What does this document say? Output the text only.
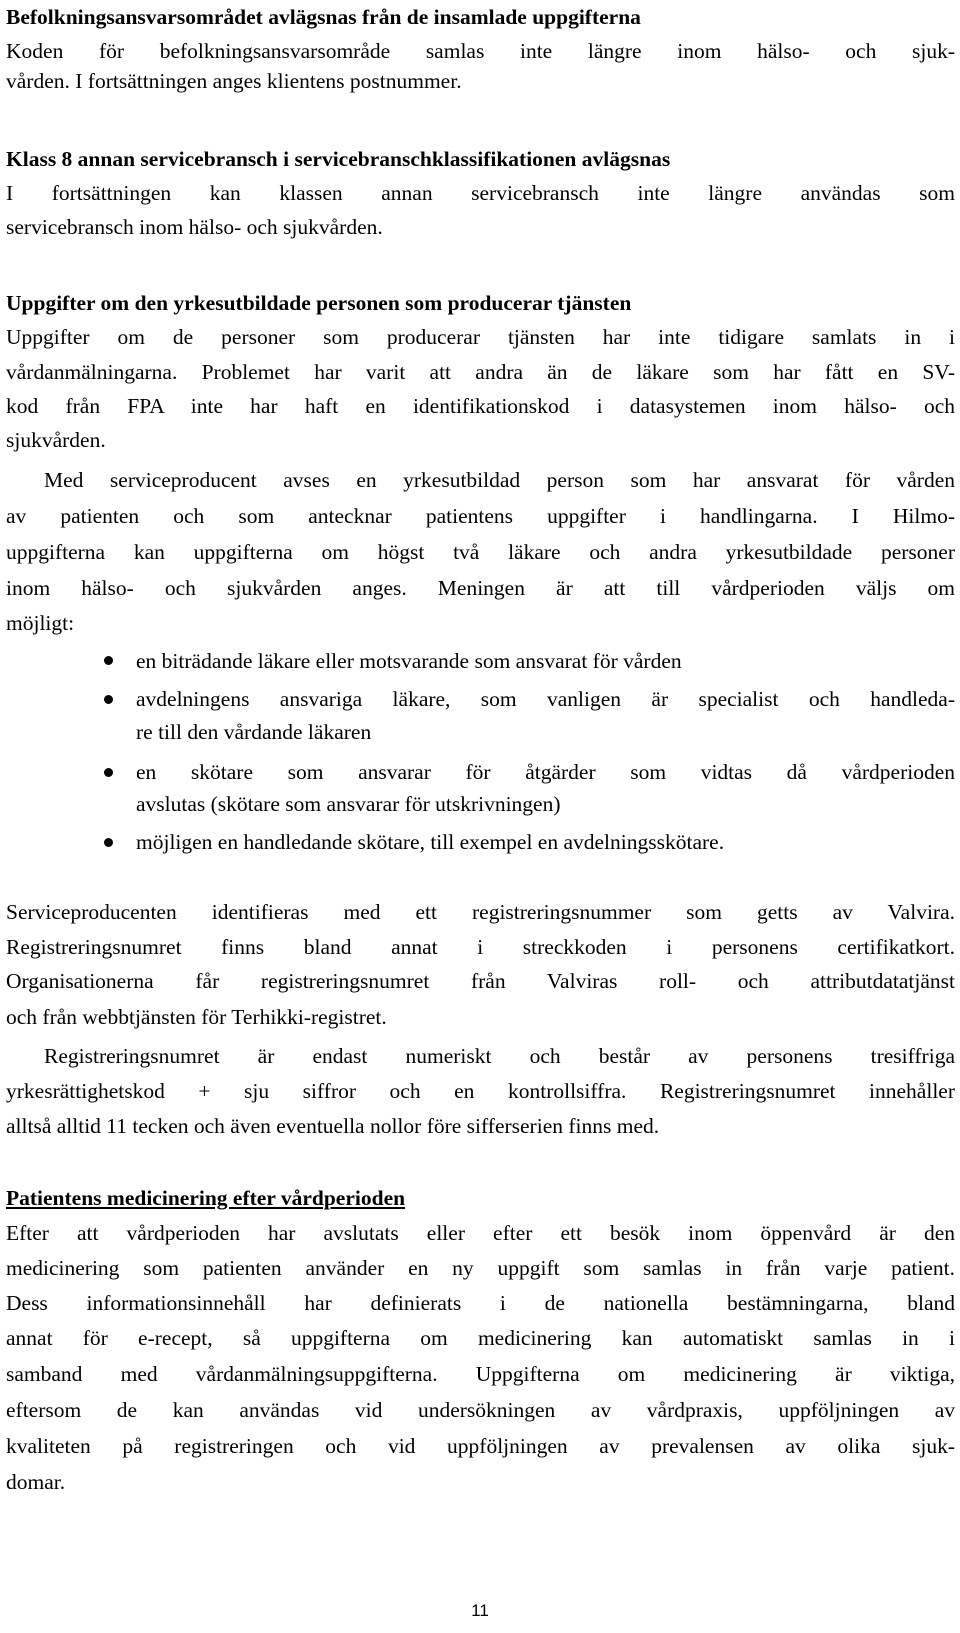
Befolkningsansvarsområdet avlägsnas från de insamlade uppgifterna
Koden för befolkningsansvarsområde samlas inte längre inom hälso- och sjuk-
vården. I fortsättningen anges klientens postnummer.
Klass 8 annan servicebransch i servicebranschklassifikationen avlägsnas
I fortsättningen kan klassen annan servicebransch inte längre användas som
servicebransch inom hälso- och sjukvården.
Uppgifter om den yrkesutbildade personen som producerar tjänsten
Uppgifter om de personer som producerar tjänsten har inte tidigare samlats in i
vårdanmälningarna. Problemet har varit att andra än de läkare som har fått en SV-
kod från FPA inte har haft en identifikationskod i datasystemen inom hälso- och
sjukvården.
Med serviceproducent avses en yrkesutbildad person som har ansvarat för vården
av patienten och som antecknar patientens uppgifter i handlingarna. I Hilmo-
uppgifterna kan uppgifterna om högst två läkare och andra yrkesutbildade personer
inom hälso- och sjukvården anges. Meningen är att till vårdperioden väljs om
möjligt:
en biträdande läkare eller motsvarande som ansvarat för vården
avdelningens ansvariga läkare, som vanligen är specialist och handleda-
re till den vårdande läkaren
en skötare som ansvarar för åtgärder som vidtas då vårdperioden
avslutas (skötare som ansvarar för utskrivningen)
möjligen en handledande skötare, till exempel en avdelningsskötare.
Serviceproducenten identifieras med ett registreringsnummer som getts av Valvira.
Registreringsnumret finns bland annat i streckkoden i personens certifikatkort.
Organisationerna får registreringsnumret från Valviras roll- och attributdatatjänst
och från webbtjänsten för Terhikki-registret.
Registreringsnumret är endast numeriskt och består av personens tresiffriga
yrkesrättighetskod + sju siffror och en kontrollsiffra. Registreringsnumret innehåller
alltså alltid 11 tecken och även eventuella nollor före sifferserien finns med.
Patientens medicinering efter vårdperioden
Efter att vårdperioden har avslutats eller efter ett besök inom öppenvård är den
medicinering som patienten använder en ny uppgift som samlas in från varje patient.
Dess informationsinnehåll har definierats i de nationella bestämningarna, bland
annat för e-recept, så uppgifterna om medicinering kan automatiskt samlas in i
samband med vårdanmälningsuppgifterna. Uppgifterna om medicinering är viktiga,
eftersom de kan användas vid undersökningen av vårdpraxis, uppföljningen av
kvaliteten på registreringen och vid uppföljningen av prevalensen av olika sjuk-
domar.
11
